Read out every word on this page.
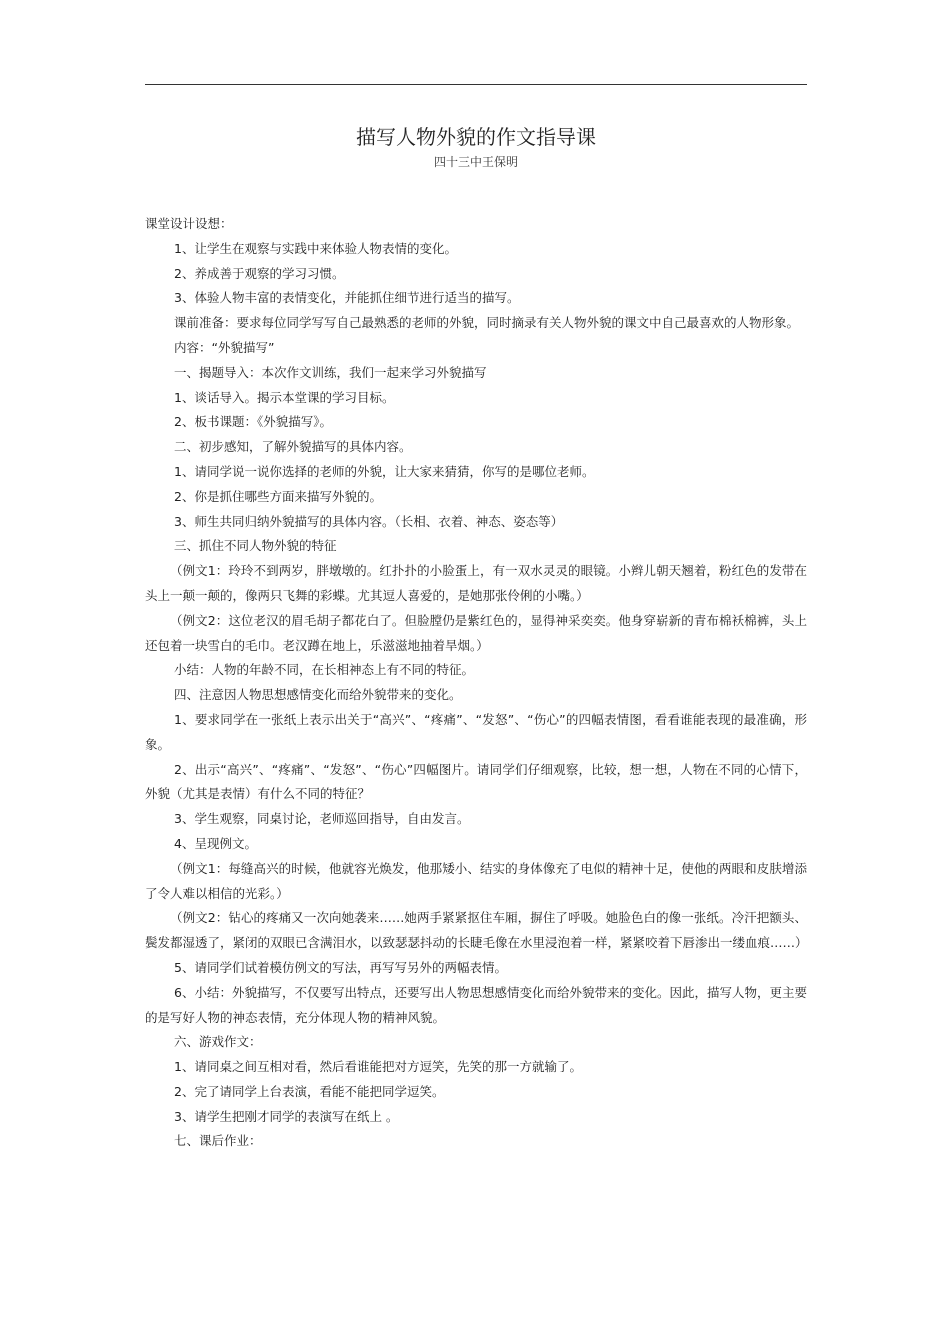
描写人物外貌的作文指导课
四十三中王保明

课堂设计设想：

1、让学生在观察与实践中来体验人物表情的变化。

2、养成善于观察的学习习惯。

3、体验人物丰富的表情变化，并能抓住细节进行适当的描写。

课前准备：要求每位同学写写自己最熟悉的老师的外貌，同时摘录有关人物外貌的课文中自己最喜欢的人物形象。

内容：“外貌描写”

一、揭题导入：本次作文训练，我们一起来学习外貌描写

1、谈话导入。揭示本堂课的学习目标。

2、板书课题：《外貌描写》。

二、初步感知，了解外貌描写的具体内容。

1、请同学说一说你选择的老师的外貌，让大家来猜猜，你写的是哪位老师。

2、你是抓住哪些方面来描写外貌的。

3、师生共同归纳外貌描写的具体内容。（长相、衣着、神态、姿态等）

三、抓住不同人物外貌的特征

（例文1：玲玲不到两岁，胖墩墩的。红扑扑的小脸蛋上，有一双水灵灵的眼镜。小辫儿朝天翘着，粉红色的发带在头上一颠一颠的，像两只飞舞的彩蝶。尤其逗人喜爱的，是她那张伶俐的小嘴。）

（例文2：这位老汉的眉毛胡子都花白了。但脸膛仍是紫红色的，显得神采奕奕。他身穿崭新的青布棉袄棉裤，头上还包着一块雪白的毛巾。老汉蹲在地上，乐滋滋地抽着旱烟。）

小结：人物的年龄不同，在长相神态上有不同的特征。

四、注意因人物思想感情变化而给外貌带来的变化。

1、要求同学在一张纸上表示出关于“高兴”、“疼痛”、“发怒”、“伤心”的四幅表情图，看看谁能表现的最准确，形象。

2、出示“高兴”、“疼痛”、“发怒”、“伤心”四幅图片。请同学们仔细观察，比较，想一想，人物在不同的心情下，外貌（尤其是表情）有什么不同的特征？

3、学生观察，同桌讨论，老师巡回指导，自由发言。

4、呈现例文。

（例文1：每缝高兴的时候，他就容光焕发，他那矮小、结实的身体像充了电似的精神十足，使他的两眼和皮肤增添了令人难以相信的光彩。）

（例文2：钻心的疼痛又一次向她袭来……她两手紧紧抠住车厢，摒住了呼吸。她脸色白的像一张纸。冷汗把额头、鬓发都湿透了，紧闭的双眼已含满泪水，以致瑟瑟抖动的长睫毛像在水里浸泡着一样，紧紧咬着下唇渗出一缕血痕……）

5、请同学们试着模仿例文的写法，再写写另外的两幅表情。

6、小结：外貌描写，不仅要写出特点，还要写出人物思想感情变化而给外貌带来的变化。因此，描写人物，更主要的是写好人物的神态表情，充分体现人物的精神风貌。

六、游戏作文：

1、请同桌之间互相对看，然后看谁能把对方逗笑，先笑的那一方就输了。

2、完了请同学上台表演，看能不能把同学逗笑。

3、请学生把刚才同学的表演写在纸上 。

七、课后作业：
